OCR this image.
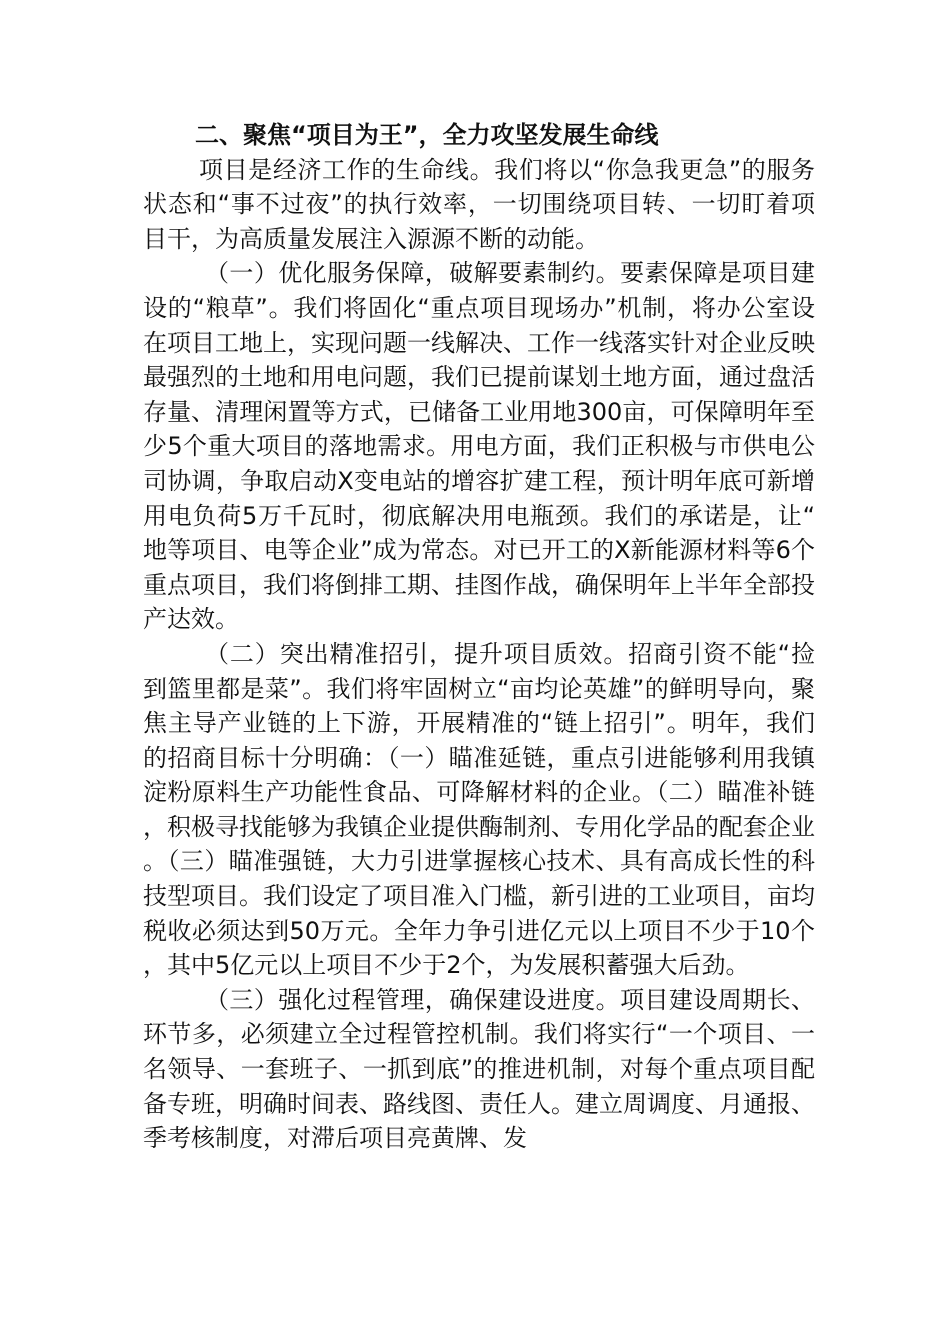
二、聚焦“项目为王”，全力攻坚发展生命线

项目是经济工作的生命线。我们将以“你急我更急”的服务状态和“事不过夜”的执行效率，一切围绕项目转、一切盯着项目干，为高质量发展注入源源不断的动能。

（一）优化服务保障，破解要素制约。要素保障是项目建设的“粮草”。我们将固化“重点项目现场办”机制，将办公室设在项目工地上，实现问题一线解决、工作一线落实针对企业反映最强烈的土地和用电问题，我们已提前谋划土地方面，通过盘活存量、清理闲置等方式，已储备工业用地300亩，可保障明年至少5个重大项目的落地需求。用电方面，我们正积极与市供电公司协调，争取启动X变电站的增容扩建工程，预计明年底可新增用电负荷5万千瓦时，彻底解决用电瓶颈。我们的承诺是，让“地等项目、电等企业”成为常态。对已开工的X新能源材料等6个重点项目，我们将倒排工期、挂图作战，确保明年上半年全部投产达效。

（二）突出精准招引，提升项目质效。招商引资不能“捡到篮里都是菜”。我们将牢固树立“亩均论英雄”的鲜明导向，聚焦主导产业链的上下游，开展精准的“链上招引”。明年，我们的招商目标十分明确：（一）瞄准延链，重点引进能够利用我镇淀粉原料生产功能性食品、可降解材料的企业。（二）瞄准补链，积极寻找能够为我镇企业提供酶制剂、专用化学品的配套企业。（三）瞄准强链，大力引进掌握核心技术、具有高成长性的科技型项目。我们设定了项目准入门槛，新引进的工业项目，亩均税收必须达到50万元。全年力争引进亿元以上项目不少于10个，其中5亿元以上项目不少于2个，为发展积蓄强大后劲。

（三）强化过程管理，确保建设进度。项目建设周期长、环节多，必须建立全过程管控机制。我们将实行“一个项目、一名领导、一套班子、一抓到底”的推进机制，对每个重点项目配备专班，明确时间表、路线图、责任人。建立周调度、月通报、季考核制度，对滞后项目亮黄牌、发
